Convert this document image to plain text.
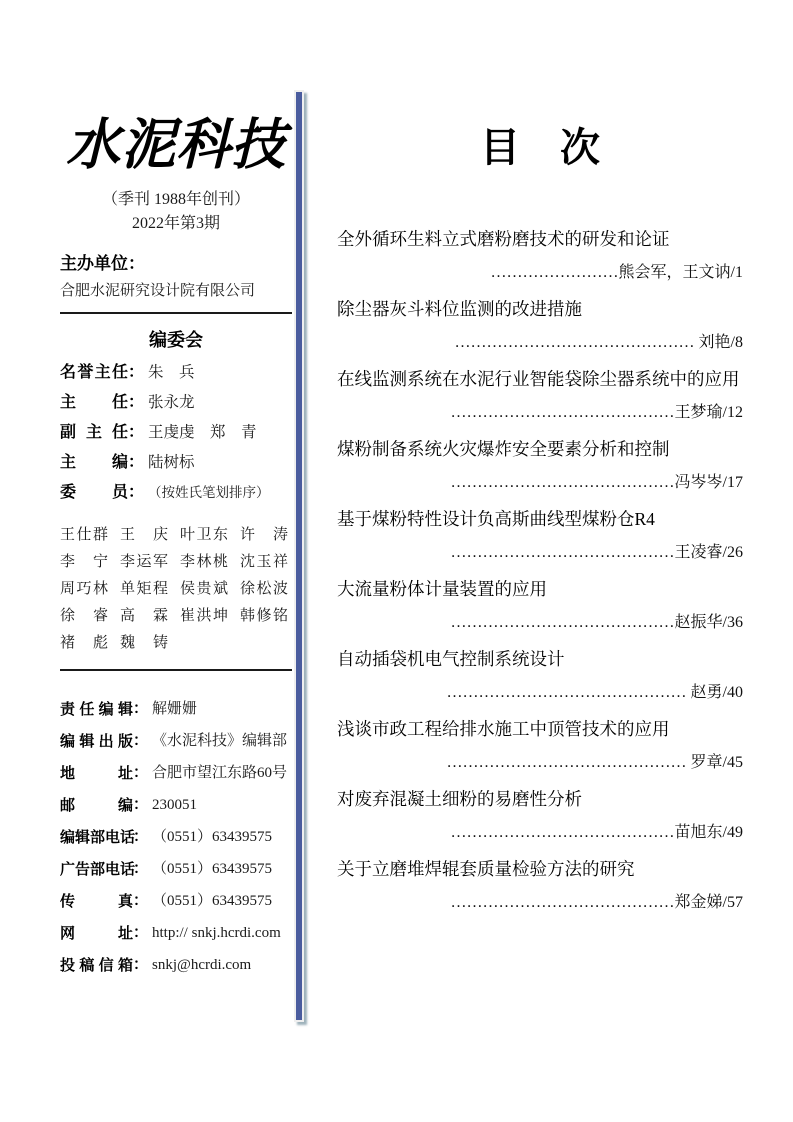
水泥科技
（季刊 1988年创刊）
2022年第3期
主办单位：
合肥水泥研究设计院有限公司
编委会
名誉主任： 朱　兵
主任： 张永龙
副主任： 王虔虔　郑　青
主编： 陆树标
委员： （按姓氏笔划排序）
王仕群 王庆 叶卫东 许涛
李宁 李运军 李林桃 沈玉祥
周巧林 单矩程 侯贵斌 徐松波
徐睿 高霖 崔洪坤 韩修铭
褚彪 魏铸
责任编辑： 解姗姗
编辑出版： 《水泥科技》编辑部
地址： 合肥市望江东路60号
邮编： 230051
编辑部电话： （0551）63439575
广告部电话： （0551）63439575
传真： （0551）63439575
网址： http:// snkj.hcrdi.com
投稿信箱： snkj@hcrdi.com
目　次
全外循环生料立式磨粉磨技术的研发和论证
……………………熊会军，王文讷/1
除尘器灰斗料位监测的改进措施
……………………………………… 刘艳/8
在线监测系统在水泥行业智能袋除尘器系统中的应用
……………………………………王梦瑜/12
煤粉制备系统火灾爆炸安全要素分析和控制
……………………………………冯岑岑/17
基于煤粉特性设计负高斯曲线型煤粉仓R4
……………………………………王凌睿/26
大流量粉体计量装置的应用
……………………………………赵振华/36
自动插袋机电气控制系统设计
……………………………………… 赵勇/40
浅谈市政工程给排水施工中顶管技术的应用
……………………………………… 罗章/45
对废弃混凝土细粉的易磨性分析
……………………………………苗旭东/49
关于立磨堆焊辊套质量检验方法的研究
……………………………………郑金娣/57
